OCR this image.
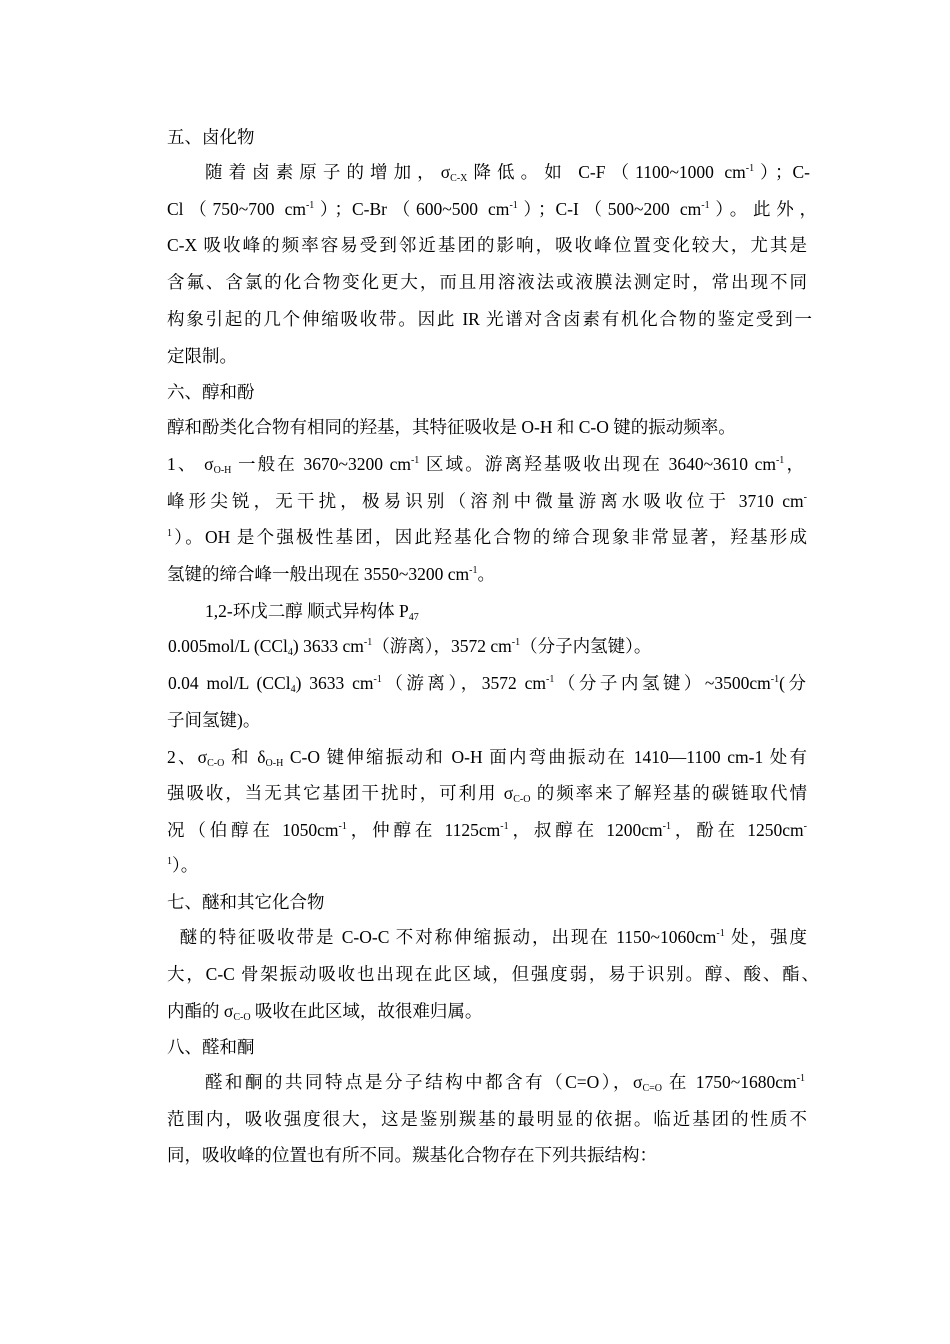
五、卤化物
随着卤素原子的增加，$\sigma_{C-X}$降低。如 C-F（1100~1000 $cm^{-1}$）；C-
Cl（750~700 $cm^{-1}$）；C-Br（600~500 $cm^{-1}$）；C-I（500~200 $cm^{-1}$）。此外，
C-X 吸收峰的频率容易受到邻近基团的影响，吸收峰位置变化较大，尤其是
含氟、含氯的化合物变化更大，而且用溶液法或液膜法测定时，常出现不同
构象引起的几个伸缩吸收带。因此 IR 光谱对含卤素有机化合物的鉴定受到一
定限制。
六、醇和酚
醇和酚类化合物有相同的羟基，其特征吸收是 O-H 和 C-O 键的振动频率。
1、 $\sigma_{O-H}$ 一般在 3670~3200 $cm^{-1}$ 区域。游离羟基吸收出现在 3640~3610 $cm^{-1}$，
峰形尖锐，无干扰，极易识别（溶剂中微量游离水吸收位于 3710 cm-
$^1$）。OH 是个强极性基团，因此羟基化合物的缔合现象非常显著，羟基形成
氢键的缔合峰一般出现在 3550~3200 $cm^{-1}$。
1,2-环戊二醇 顺式异构体 $P_{47}$
0.005mol/L (CCl$_4$) 3633 $cm^{-1}$（游离），3572 $cm^{-1}$（分子内氢键）。
0.04 mol/L (CCl$_4$) 3633 $cm^{-1}$（游离），3572 $cm^{-1}$（分子内氢键）$\sim 3500cm^{-1}$(分
子间氢键)。
2、$\sigma_{C-O}$ 和 $\delta_{O-H}$ C-O 键伸缩振动和 O-H 面内弯曲振动在 1410—1100 cm-1 处有
强吸收，当无其它基团干扰时，可利用 $\sigma_{C-O}$ 的频率来了解羟基的碳链取代情
况（伯醇在 $1050cm^{-1}$，仲醇在 $1125cm^{-1}$，叔醇在 $1200cm^{-1}$，酚在 1250cm-
$^1$）。
七、醚和其它化合物
醚的特征吸收带是 C-O-C 不对称伸缩振动，出现在 $1150\sim 1060cm^{-1}$ 处，强度
大，C-C 骨架振动吸收也出现在此区域，但强度弱，易于识别。醇、酸、酯、
内酯的 $\sigma_{C-O}$ 吸收在此区域，故很难归属。
八、醛和酮
醛和酮的共同特点是分子结构中都含有（C=O），$\sigma_{C=O}$ 在 $1750\sim 1680cm^{-1}$
范围内，吸收强度很大，这是鉴别羰基的最明显的依据。临近基团的性质不
同，吸收峰的位置也有所不同。羰基化合物存在下列共振结构：
